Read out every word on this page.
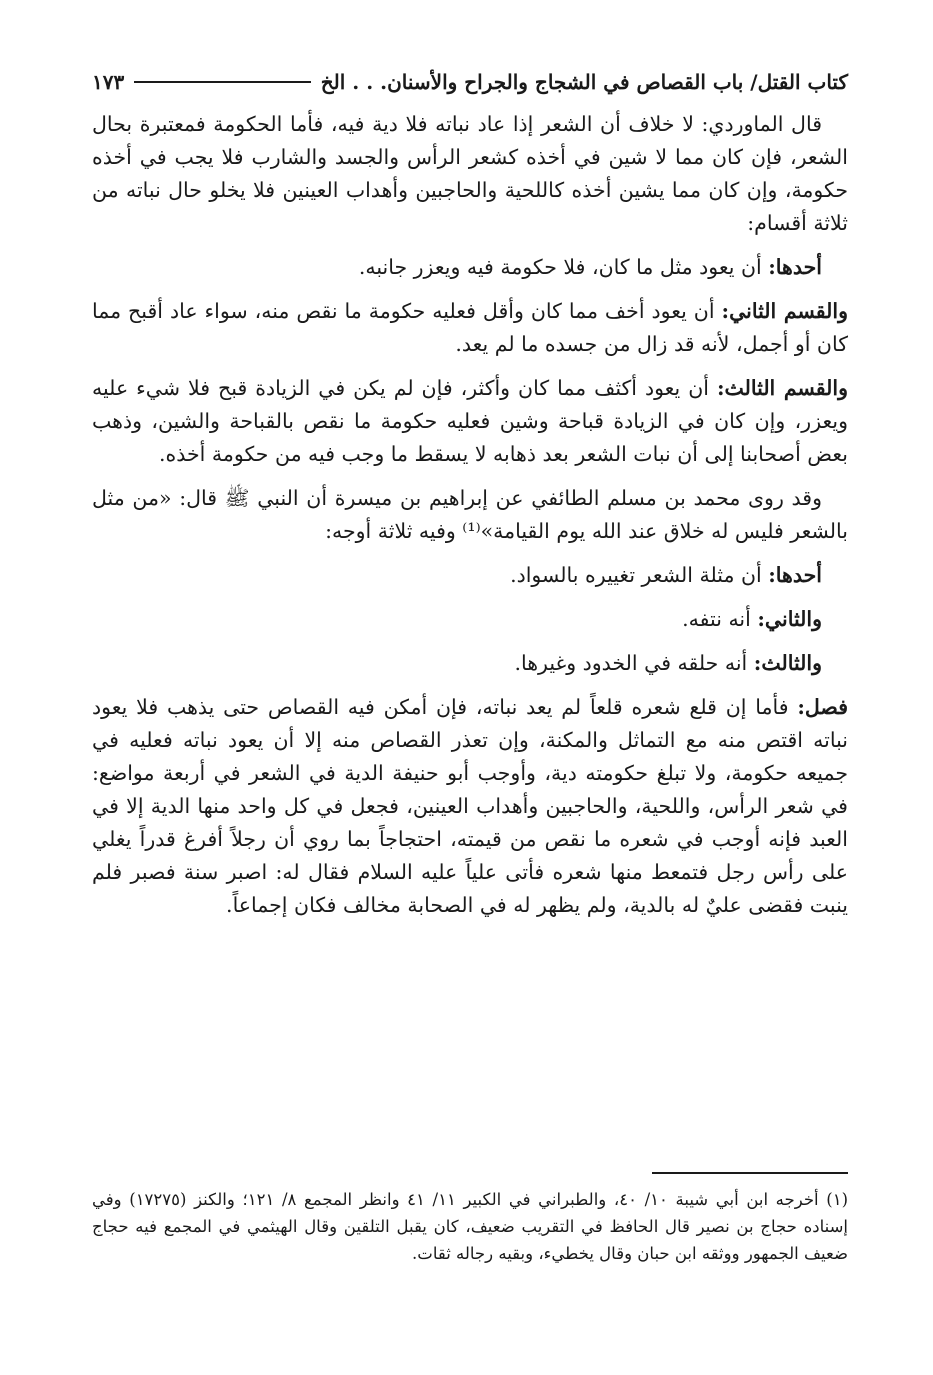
كتاب القتل/ باب القصاص في الشجاج والجراح والأسنان. . . الخ
١٧٣

قال الماوردي: لا خلاف أن الشعر إذا عاد نباته فلا دية فيه، فأما الحكومة فمعتبرة بحال الشعر، فإن كان مما لا شين في أخذه كشعر الرأس والجسد والشارب فلا يجب في أخذه حكومة، وإن كان مما يشين أخذه كاللحية والحاجبين وأهداب العينين فلا يخلو حال نباته من ثلاثة أقسام:

أحدها: أن يعود مثل ما كان، فلا حكومة فيه ويعزر جانبه.

والقسم الثاني: أن يعود أخف مما كان وأقل فعليه حكومة ما نقص منه، سواء عاد أقبح مما كان أو أجمل، لأنه قد زال من جسده ما لم يعد.

والقسم الثالث: أن يعود أكثف مما كان وأكثر، فإن لم يكن في الزيادة قبح فلا شيء عليه ويعزر، وإن كان في الزيادة قباحة وشين فعليه حكومة ما نقص بالقباحة والشين، وذهب بعض أصحابنا إلى أن نبات الشعر بعد ذهابه لا يسقط ما وجب فيه من حكومة أخذه.

وقد روى محمد بن مسلم الطائفي عن إبراهيم بن ميسرة أن النبي ﷺ قال: «من مثل بالشعر فليس له خلاق عند الله يوم القيامة»⁽¹⁾ وفيه ثلاثة أوجه:

أحدها: أن مثلة الشعر تغييره بالسواد.

والثاني: أنه نتفه.

والثالث: أنه حلقه في الخدود وغيرها.

فصل: فأما إن قلع شعره قلعاً لم يعد نباته، فإن أمكن فيه القصاص حتى يذهب فلا يعود نباته اقتص منه مع التماثل والمكنة، وإن تعذر القصاص منه إلا أن يعود نباته فعليه في جميعه حكومة، ولا تبلغ حكومته دية، وأوجب أبو حنيفة الدية في الشعر في أربعة مواضع: في شعر الرأس، واللحية، والحاجبين وأهداب العينين، فجعل في كل واحد منها الدية إلا في العبد فإنه أوجب في شعره ما نقص من قيمته، احتجاجاً بما روي أن رجلاً أفرغ قدراً يغلي على رأس رجل فتمعط منها شعره فأتى علياً عليه السلام فقال له: اصبر سنة فصبر فلم ينبت فقضى عليٌ له بالدية، ولم يظهر له في الصحابة مخالف فكان إجماعاً.

(١) أخرجه ابن أبي شيبة ١٠/ ٤٠، والطبراني في الكبير ١١/ ٤١ وانظر المجمع ٨/ ١٢١؛ والكنز (١٧٢٧٥) وفي إسناده حجاج بن نصير قال الحافظ في التقريب ضعيف، كان يقبل التلقين وقال الهيثمي في المجمع فيه حجاج ضعيف الجمهور ووثقه ابن حبان وقال يخطيء، وبقيه رجاله ثقات.
